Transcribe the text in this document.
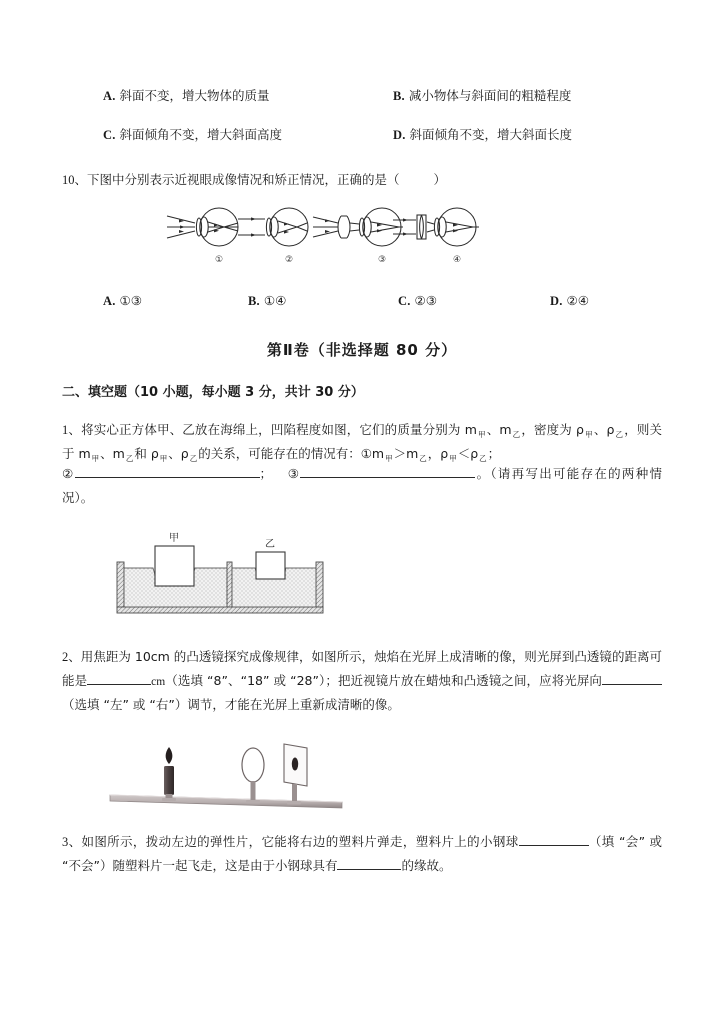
A. 斜面不变，增大物体的质量	B. 减小物体与斜面间的粗糙程度
C. 斜面倾角不变，增大斜面高度	D. 斜面倾角不变，增大斜面长度
10、下图中分别表示近视眼成像情况和矫正情况，正确的是（	）
①	②	③	④
A. ①③	B. ①④	C. ②③	D. ②④
第Ⅱ卷（非选择题 80 分）
二、填空题（10 小题，每小题 3 分，共计 30 分）
1、将实心正方体甲、乙放在海绵上，凹陷程度如图，它们的质量分别为 $m_甲$、$m_乙$，密度为 $\rho_甲$、$\rho_乙$，则关于 $m_甲$、$m_乙$和 $\rho_甲$、$\rho_乙$的关系，可能存在的情况有：$①m_甲>m_乙$，$\rho_甲<\rho_乙$；
②	； ③	。（请再写出可能存在的两种情况）。
甲
乙
2、用焦距为 10cm 的凸透镜探究成像规律，如图所示，烛焰在光屏上成清晰的像，则光屏到凸透镜的距离可能是	cm（选填 “8”、“18” 或 “28”）；把近视镜片放在蜡烛和凸透镜之间，应将光屏向（选填 “左” 或 “右”）调节，才能在光屏上重新成清晰的像。
3、如图所示，拨动左边的弹性片，它能将右边的塑料片弹走，塑料片上的小钢球	（填 “会” 或 “不会”）随塑料片一起飞走，这是由于小钢球具有	的缘故。
